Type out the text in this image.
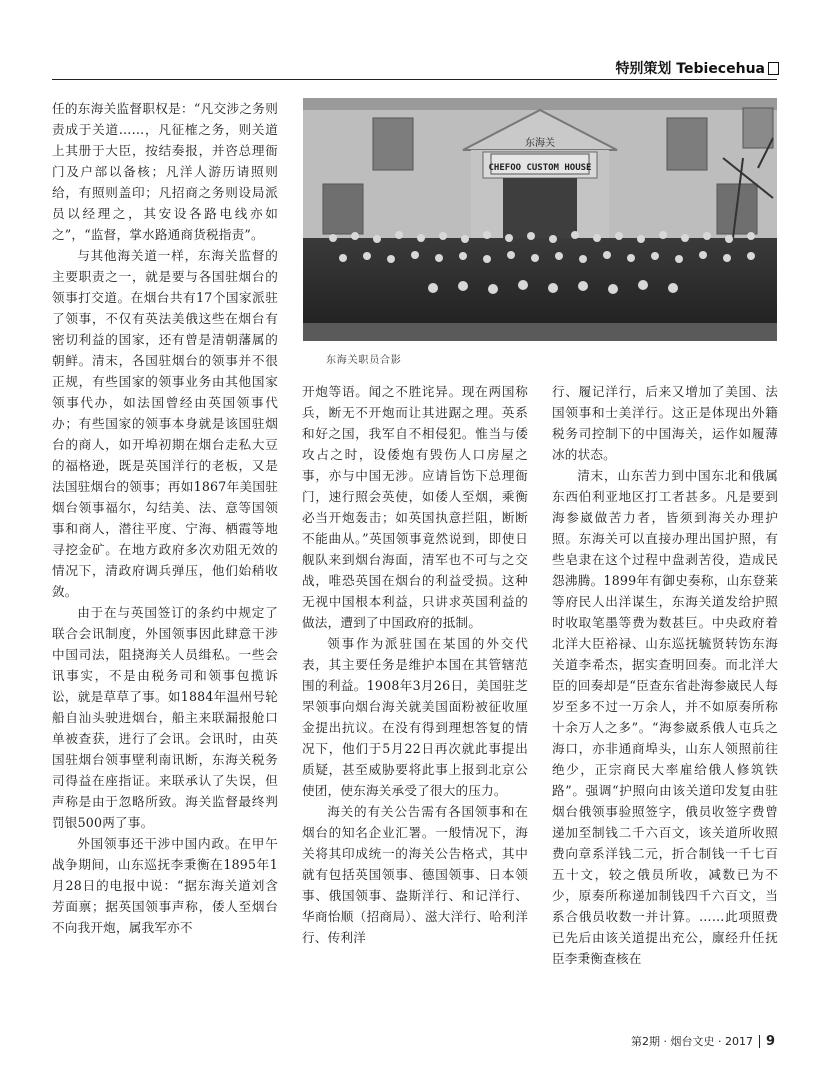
特别策划 Tebiecehua

任的东海关监督职权是：“凡交涉之务则责成于关道……，凡征榷之务，则关道上其册于大臣，按结奏报，并咨总理衙门及户部以备核；凡洋人游历请照则给，有照则盖印；凡招商之务则设局派员以经理之，其安设各路电线亦如之”，“监督，掌水路通商货税指责”。

与其他海关道一样，东海关监督的主要职责之一，就是要与各国驻烟台的领事打交道。在烟台共有17个国家派驻了领事，不仅有英法美俄这些在烟台有密切利益的国家，还有曾是清朝藩属的朝鲜。清末，各国驻烟台的领事并不很正规，有些国家的领事业务由其他国家领事代办，如法国曾经由英国领事代办；有些国家的领事本身就是该国驻烟台的商人，如开埠初期在烟台走私大豆的福格逊，既是英国洋行的老板，又是法国驻烟台的领事；再如1867年美国驻烟台领事福尔，勾结美、法、意等国领事和商人，潜往平度、宁海、栖霞等地寻挖金矿。在地方政府多次劝阻无效的情况下，清政府调兵弹压，他们始稍收敛。

由于在与英国签订的条约中规定了联合会讯制度，外国领事因此肆意干涉中国司法，阻挠海关人员缉私。一些会讯事实，不是由税务司和领事包揽诉讼，就是草草了事。如1884年温州号轮船自汕头驶进烟台，船主来联漏报舱口单被查获，进行了会讯。会讯时，由英国驻烟台领事壁利南讯断，东海关税务司得益在座指证。来联承认了失误，但声称是由于忽略所致。海关监督最终判罚银500两了事。

外国领事还干涉中国内政。在甲午战争期间，山东巡抚李秉衡在1895年1月28日的电报中说：“据东海关道刘含芳面禀；据英国领事声称，倭人至烟台不向我开炮，属我军亦不

CHEFOO CUSTOM HOUSE
东海关
东海关职员合影

开炮等语。闻之不胜诧异。现在两国称兵，断无不开炮而让其进踞之理。英系和好之国，我军自不相侵犯。惟当与倭攻占之时，设倭炮有毁伤人口房屋之事，亦与中国无涉。应请旨饬下总理衙门，速行照会英使，如倭人至烟，乘衡必当开炮轰击；如英国执意拦阻，断断不能曲从。”英国领事竟然说到，即使日舰队来到烟台海面，清军也不可与之交战，唯恐英国在烟台的利益受损。这种无视中国根本利益，只讲求英国利益的做法，遭到了中国政府的抵制。

领事作为派驻国在某国的外交代表，其主要任务是维护本国在其管辖范围的利益。1908年3月26日，美国驻芝罘领事向烟台海关就美国面粉被征收厘金提出抗议。在没有得到理想答复的情况下，他们于5月22日再次就此事提出质疑，甚至威胁要将此事上报到北京公使团，使东海关承受了很大的压力。

海关的有关公告需有各国领事和在烟台的知名企业汇署。一般情况下，海关将其印成统一的海关公告格式，其中就有包括英国领事、德国领事、日本领事、俄国领事、盎斯洋行、和记洋行、华商怡顺（招商局）、滋大洋行、哈利洋行、传利洋

行、履记洋行，后来又增加了美国、法国领事和士美洋行。这正是体现出外籍税务司控制下的中国海关，运作如履薄冰的状态。

清末，山东苦力到中国东北和俄属东西伯利亚地区打工者甚多。凡是要到海参崴做苦力者，皆须到海关办理护照。东海关可以直接办理出国护照，有些皂隶在这个过程中盘剥苦役，造成民怨沸腾。1899年有御史奏称，山东登莱等府民人出洋谋生，东海关道发给护照时收取笔墨等费为数甚巨。中央政府着北洋大臣裕禄、山东巡抚毓贤转饬东海关道李希杰，据实查明回奏。而北洋大臣的回奏却是“臣查东省赴海参崴民人每岁至多不过一万余人，并不如原奏所称十余万人之多”。“海参崴系俄人屯兵之海口，亦非通商埠头，山东人领照前往绝少，正宗商民大率雇给俄人修筑铁路”。强调“护照向由该关道印发复由驻烟台俄领事验照签字，俄员收签字费曾递加至制钱二千六百文，该关道所收照费向章系洋钱二元，折合制钱一千七百五十文，较之俄员所收，减数已为不少，原奏所称递加制钱四千六百文，当系合俄员收数一并计算。……此项照费已先后由该关道提出充公，廪经升任抚臣李秉衡查核在

第2期 · 烟台文史 · 2017 9
